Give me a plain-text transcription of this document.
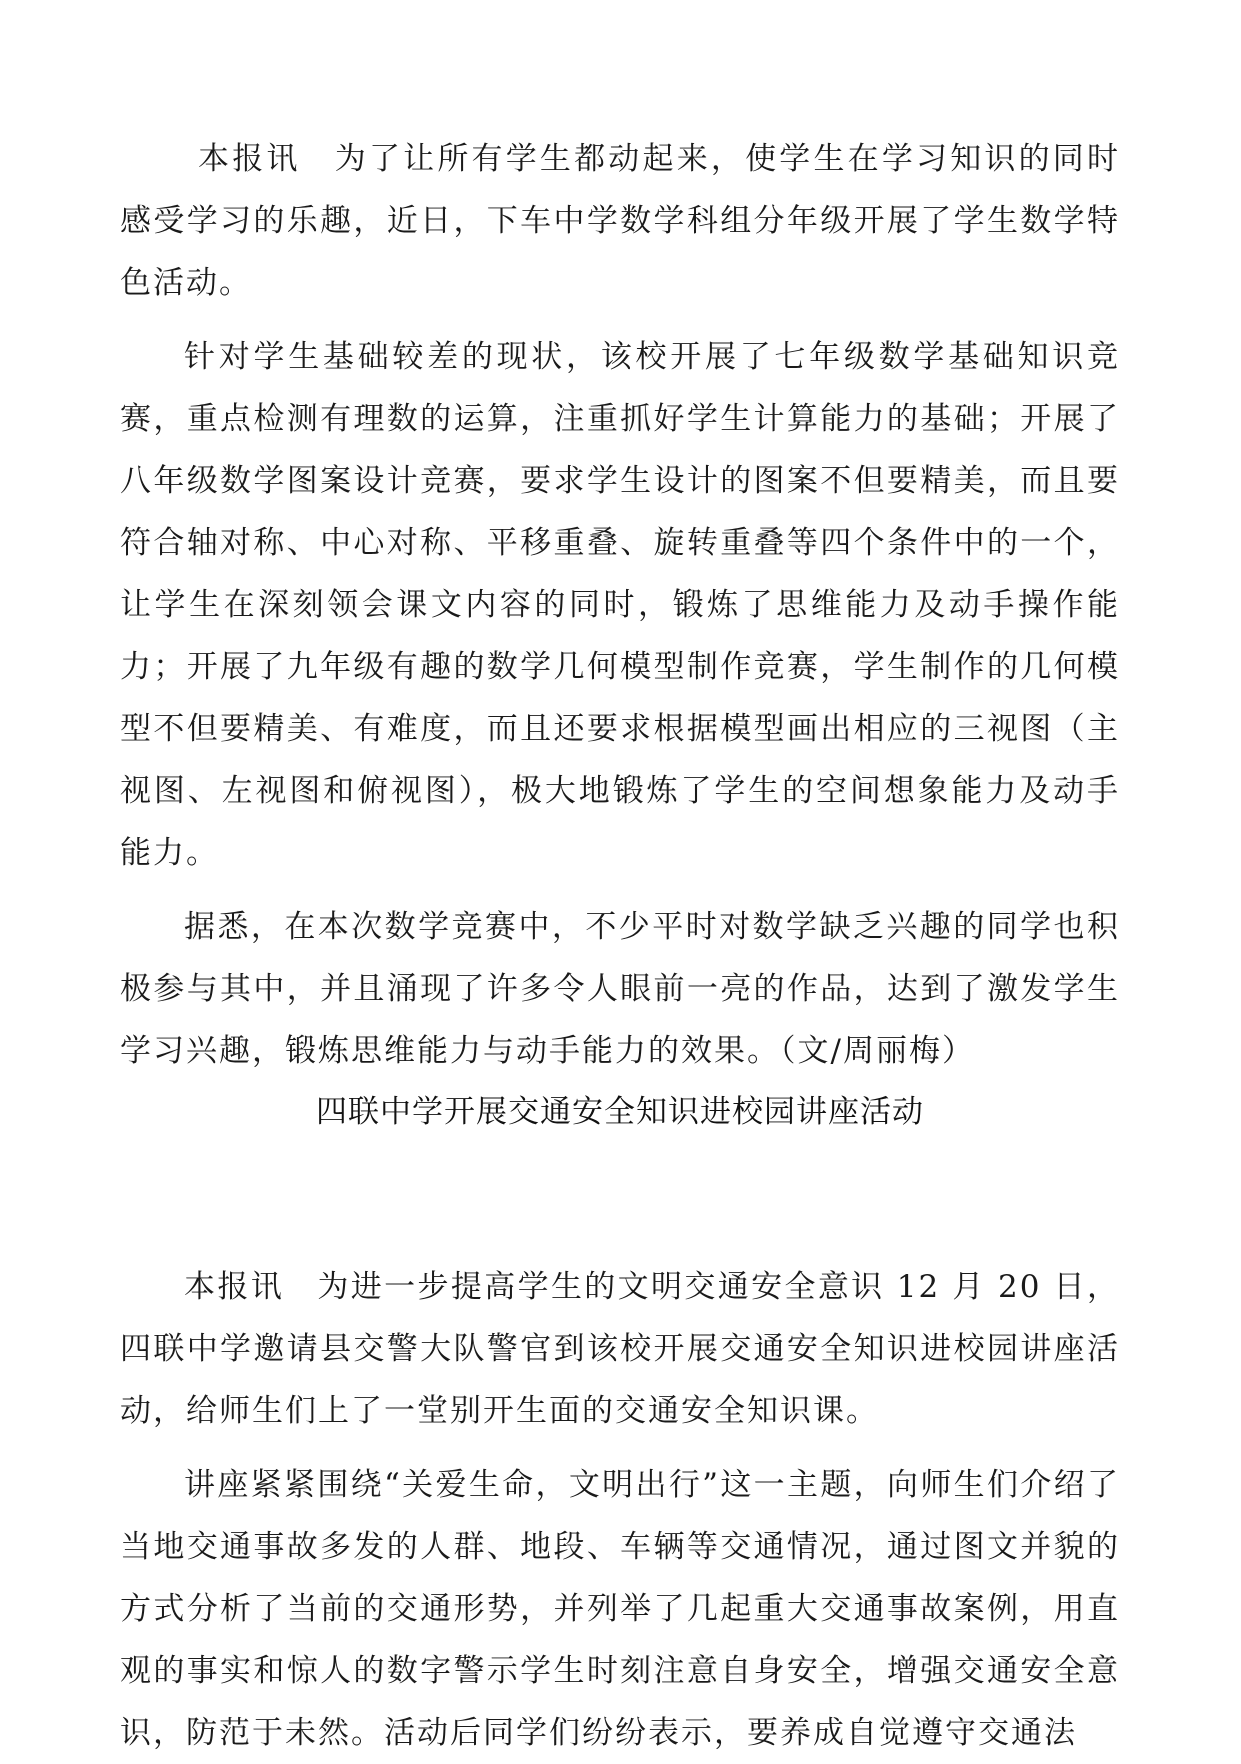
本报讯　为了让所有学生都动起来，使学生在学习知识的同时感受学习的乐趣，近日，下车中学数学科组分年级开展了学生数学特色活动。

针对学生基础较差的现状，该校开展了七年级数学基础知识竞赛，重点检测有理数的运算，注重抓好学生计算能力的基础；开展了八年级数学图案设计竞赛，要求学生设计的图案不但要精美，而且要符合轴对称、中心对称、平移重叠、旋转重叠等四个条件中的一个，让学生在深刻领会课文内容的同时，锻炼了思维能力及动手操作能力；开展了九年级有趣的数学几何模型制作竞赛，学生制作的几何模型不但要精美、有难度，而且还要求根据模型画出相应的三视图（主视图、左视图和俯视图），极大地锻炼了学生的空间想象能力及动手能力。

据悉，在本次数学竞赛中，不少平时对数学缺乏兴趣的同学也积极参与其中，并且涌现了许多令人眼前一亮的作品，达到了激发学生学习兴趣，锻炼思维能力与动手能力的效果。（文/周丽梅）

四联中学开展交通安全知识进校园讲座活动

本报讯　为进一步提高学生的文明交通安全意识 12 月 20 日，四联中学邀请县交警大队警官到该校开展交通安全知识进校园讲座活动，给师生们上了一堂别开生面的交通安全知识课。

讲座紧紧围绕“关爱生命，文明出行”这一主题，向师生们介绍了当地交通事故多发的人群、地段、车辆等交通情况，通过图文并貌的方式分析了当前的交通形势，并列举了几起重大交通事故案例，用直观的事实和惊人的数字警示学生时刻注意自身安全，增强交通安全意识，防范于未然。活动后同学们纷纷表示，要养成自觉遵守交通法
